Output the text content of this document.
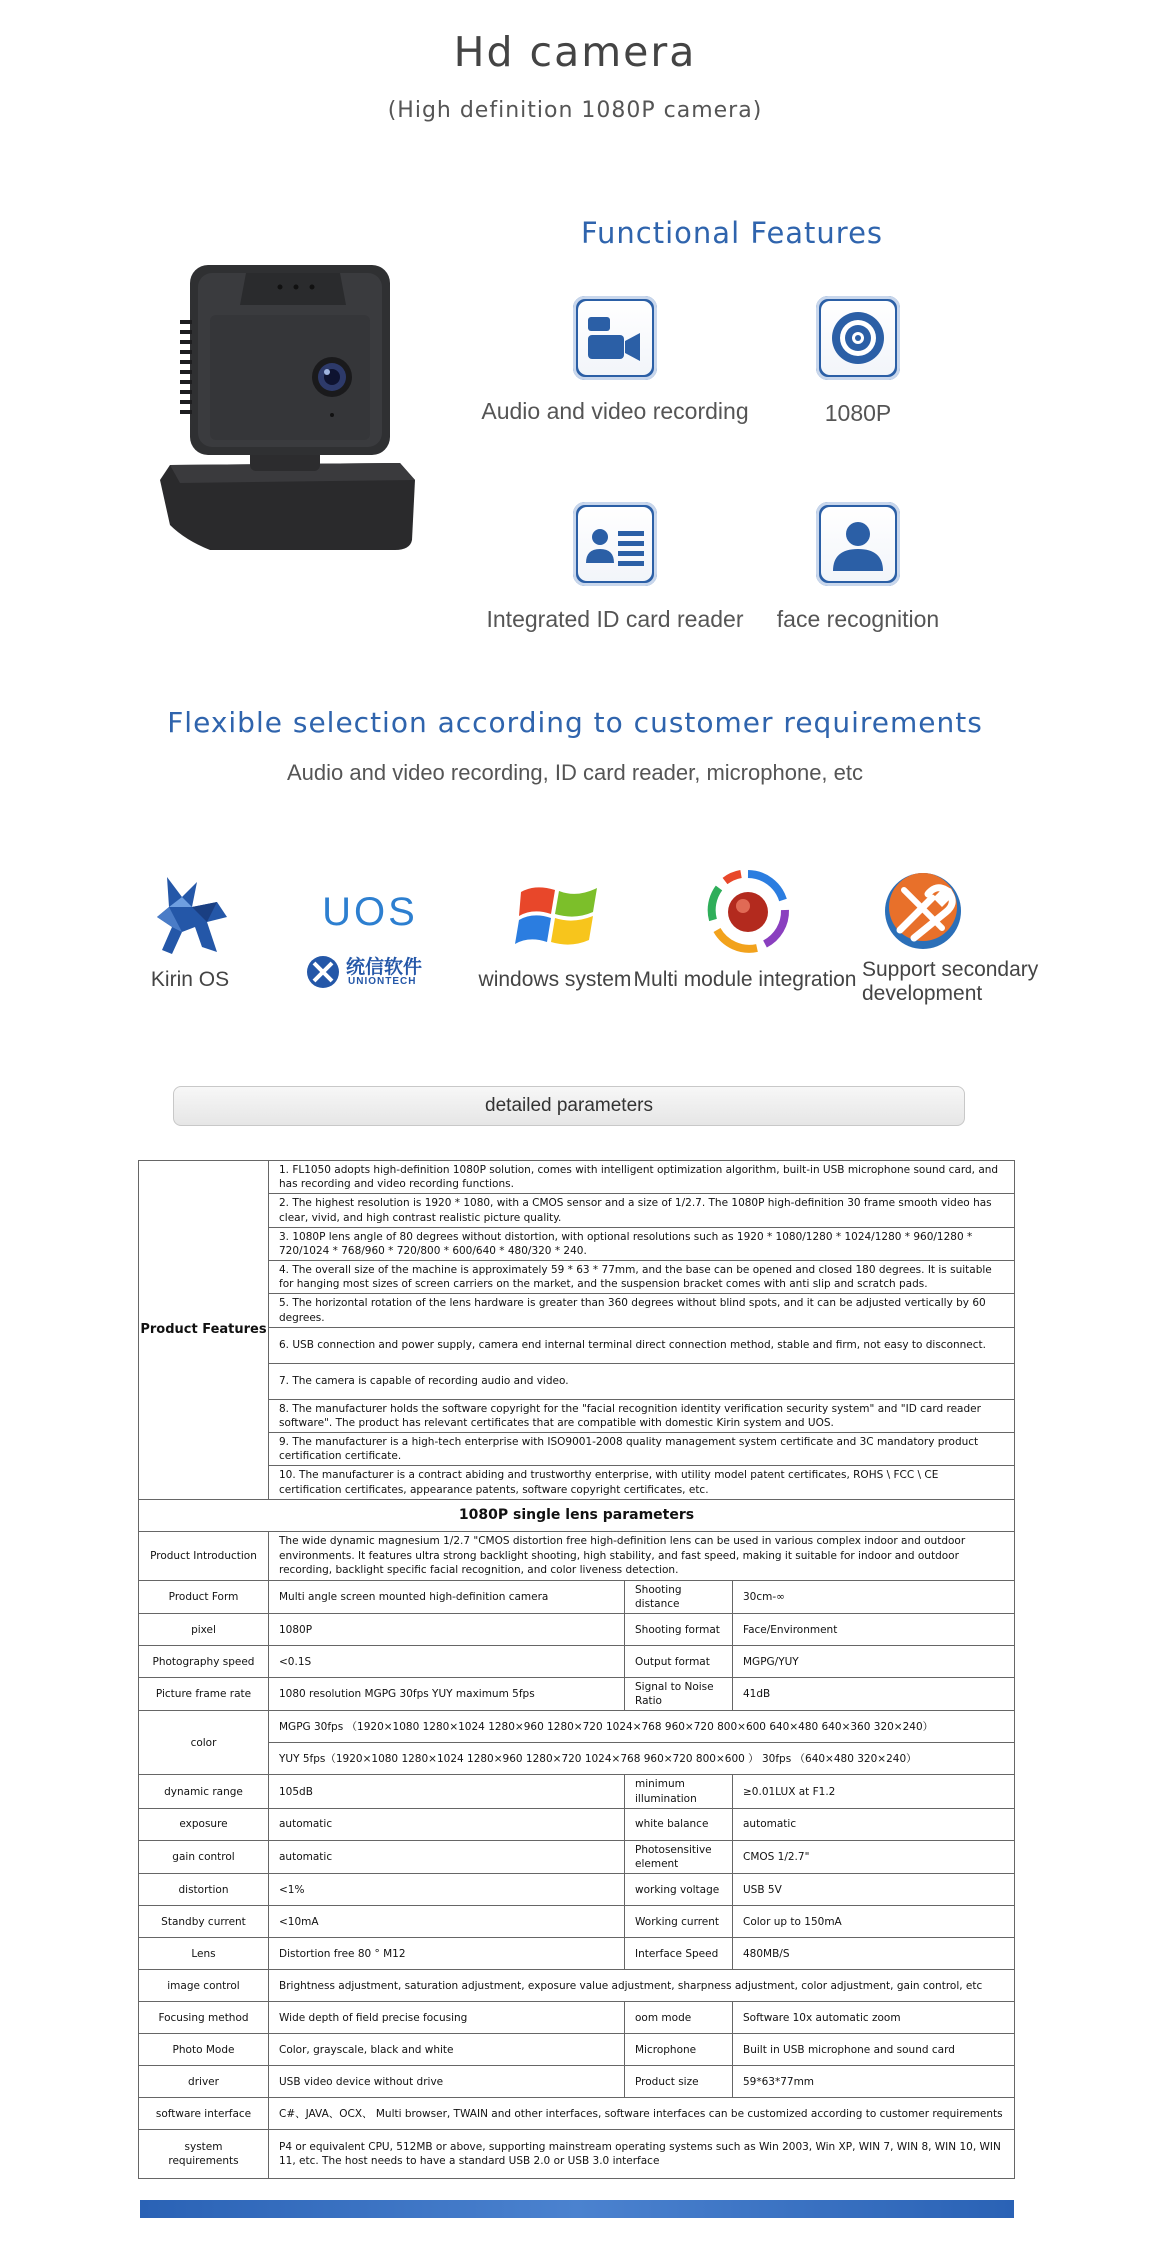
Hd camera
(High definition 1080P camera)
Functional Features
Audio and video recording	1080P
Integrated ID card reader	face recognition
Flexible selection according to customer requirements
Audio and video recording, ID card reader, microphone, etc
Kirin OS
UOS
统信软件
UNIONTECH	windows system Multi module integration Support secondary
development
detailed parameters
Product Features	1. FL1050 adopts high-definition 1080P solution, comes with intelligent optimization algorithm, built-in USB microphone sound card, and has recording and video recording functions.		
	2. The highest resolution is 1920 * 1080, with a CMOS sensor and a size of 1/2.7. The 1080P high-definition 30 frame smooth video has clear, vivid, and high contrast realistic picture quality.		
	3. 1080P lens angle of 80 degrees without distortion, with optional resolutions such as 1920 * 1080/1280 * 1024/1280 * 960/1280 * 720/1024 * 768/960 * 720/800 * 600/640 * 480/320 * 240.		
	4. The overall size of the machine is approximately 59 * 63 * 77mm, and the base can be opened and closed 180 degrees. It is suitable for hanging most sizes of screen carriers on the market, and the suspension bracket comes with anti slip and scratch pads.		
	5. The horizontal rotation of the lens hardware is greater than 360 degrees without blind spots, and it can be adjusted vertically by 60 degrees.		
	6. USB connection and power supply, camera end internal terminal direct connection method, stable and firm, not easy to disconnect.		
	7. The camera is capable of recording audio and video.		
	8. The manufacturer holds the software copyright for the "facial recognition identity verification security system" and "ID card reader software". The product has relevant certificates that are compatible with domestic Kirin system and UOS.		
	9. The manufacturer is a high-tech enterprise with ISO9001-2008 quality management system certificate and 3C mandatory product certification certificate.		
	10. The manufacturer is a contract abiding and trustworthy enterprise, with utility model patent certificates, ROHS \ FCC \ CE certification certificates, appearance patents, software copyright certificates, etc.		
1080P single lens parameters			
Product Introduction	The wide dynamic magnesium 1/2.7 "CMOS distortion free high-definition lens can be used in various complex indoor and outdoor environments. It features ultra strong backlight shooting, high stability, and fast speed, making it suitable for indoor and outdoor recording, backlight specific facial recognition, and color liveness detection.		
Product Form	Multi angle screen mounted high-definition camera	Shooting distance	30cm-∞
pixel	1080P	Shooting format	Face/Environment
Photography speed	<0.1S	Output format	MGPG/YUY
Picture frame rate	1080 resolution MGPG 30fps YUY maximum 5fps	Signal to Noise Ratio	41dB
color	MGPG 30fps （1920×1080 1280×1024 1280×960 1280×720 1024×768 960×720 800×600 640×480 640×360 320×240）		
	YUY 5fps（1920×1080 1280×1024 1280×960 1280×720 1024×768 960×720 800×600 ） 30fps （640×480 320×240）		
dynamic range	105dB	minimum illumination	≥0.01LUX at F1.2
exposure	automatic	white balance	automatic
gain control	automatic	Photosensitive element	CMOS 1/2.7"
distortion	<1%	working voltage	USB 5V
Standby current	<10mA	Working current	Color up to 150mA
Lens	Distortion free 80 ° M12	Interface Speed	480MB/S
image control	Brightness adjustment, saturation adjustment, exposure value adjustment, sharpness adjustment, color adjustment, gain control, etc		
Focusing method	Wide depth of field precise focusing	oom mode	Software 10x automatic zoom
Photo Mode	Color, grayscale, black and white	Microphone	Built in USB microphone and sound card
driver	USB video device without drive	Product size	59*63*77mm
software interface	C#、JAVA、OCX、 Multi browser, TWAIN and other interfaces, software interfaces can be customized according to customer requirements		
system requirements	P4 or equivalent CPU, 512MB or above, supporting mainstream operating systems such as Win 2003, Win XP, WIN 7, WIN 8, WIN 10, WIN 11, etc. The host needs to have a standard USB 2.0 or USB 3.0 interface		
